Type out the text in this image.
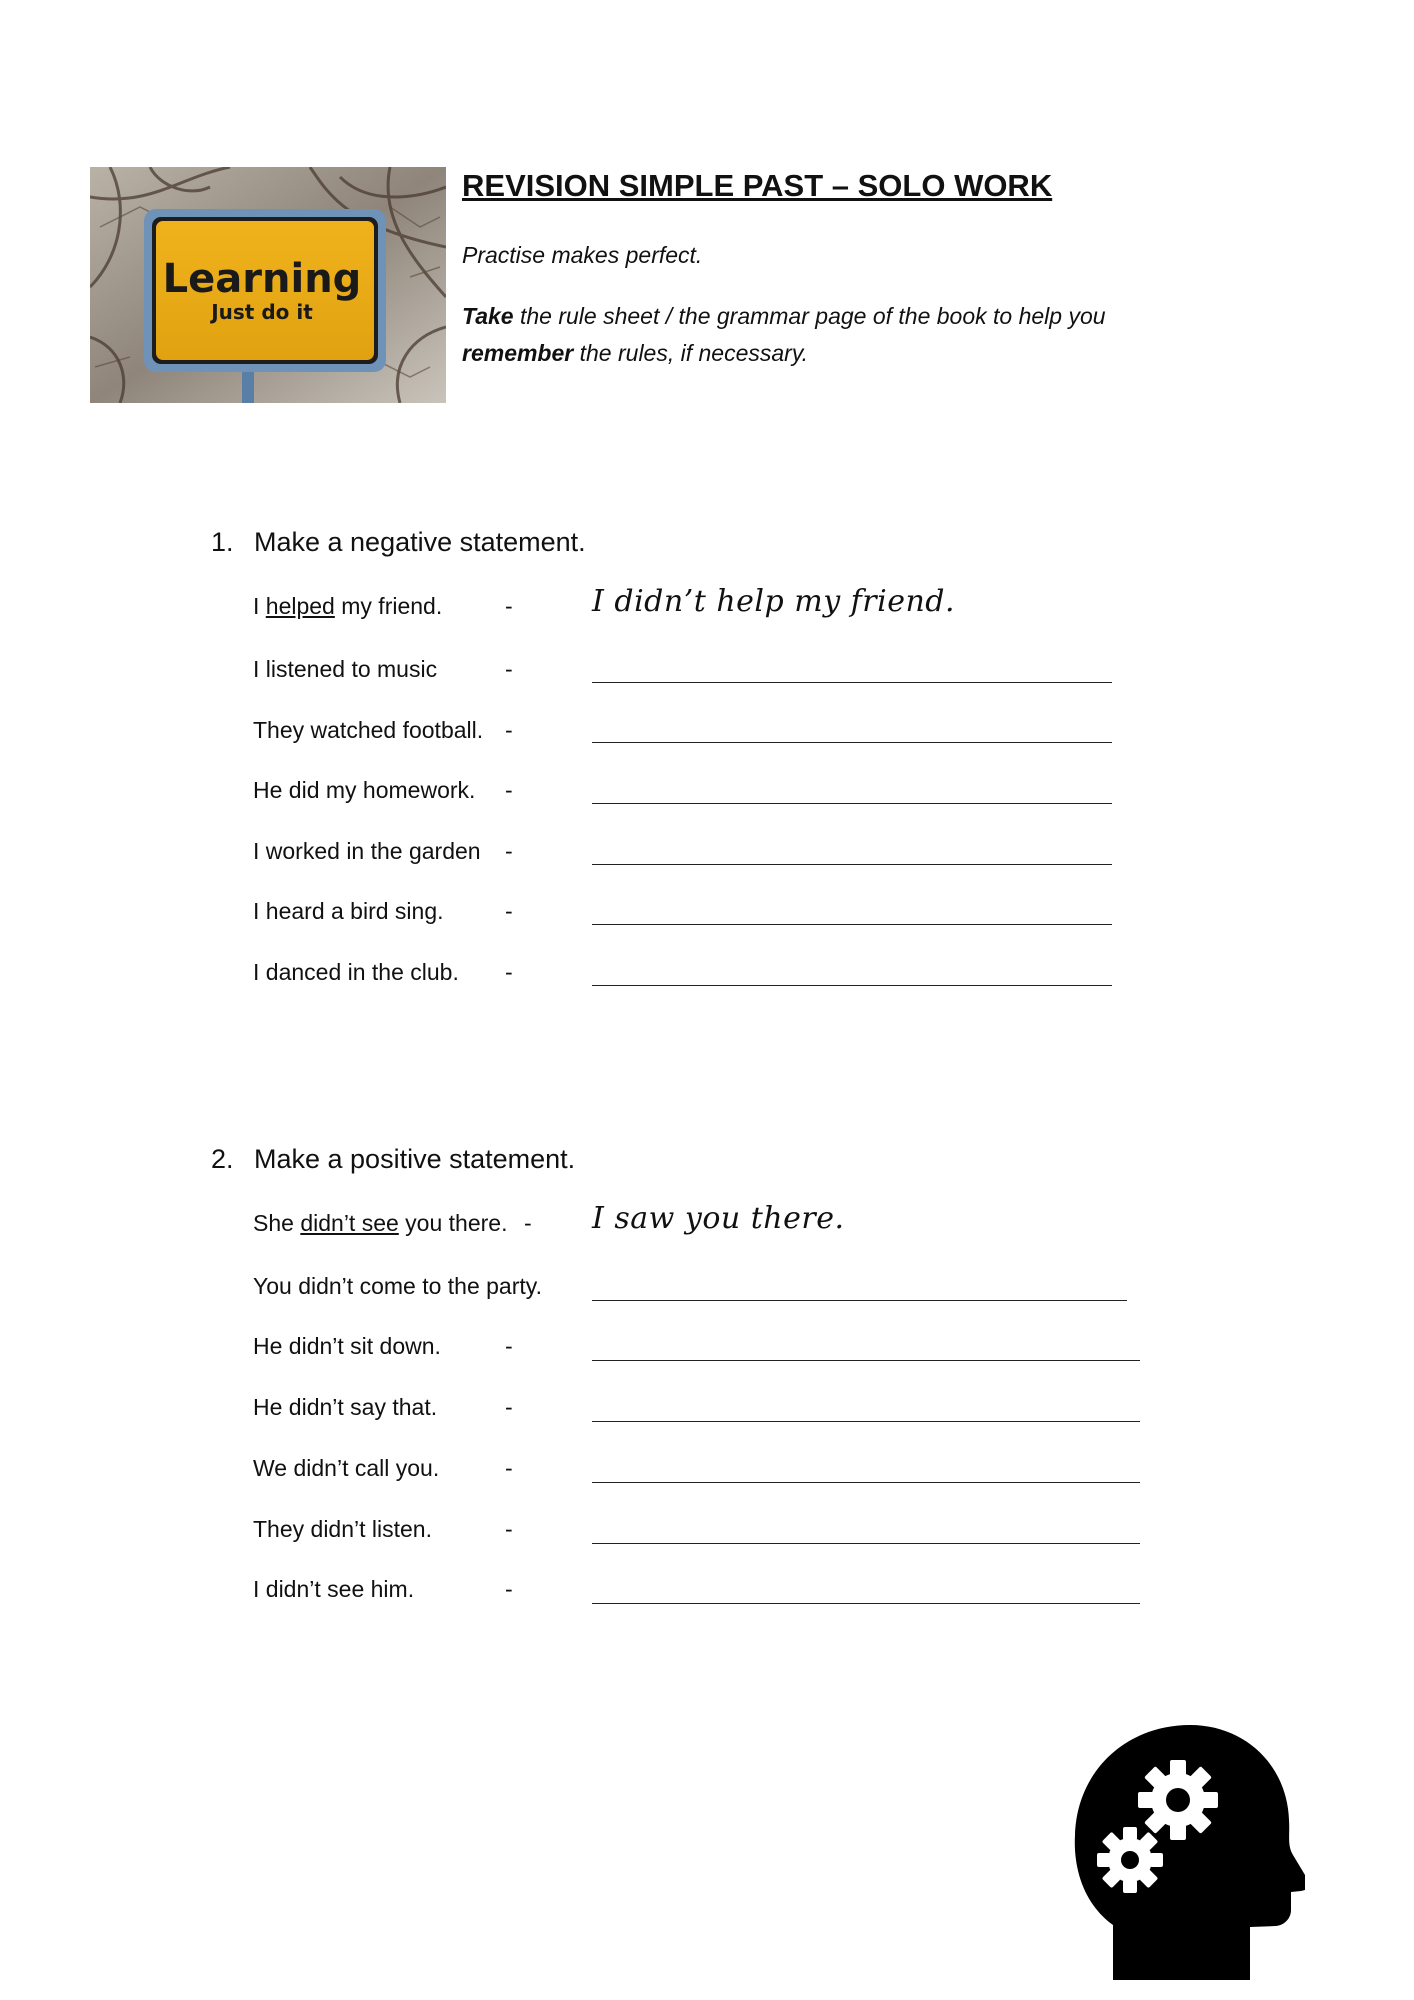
Learning
Just do it
REVISION SIMPLE PAST – SOLO WORK
Practise makes perfect.
Take the rule sheet / the grammar page of the book to help you
remember the rules, if necessary.
1. Make a negative statement.
I helped my friend.	-	I didn’t help my friend.
I listened to music	-
They watched football. -
He did my homework. -
I worked in the garden -
I heard a bird sing.	-
I danced in the club. -
2. Make a positive statement.
She didn’t see you there. - I saw you there.
You didn’t come to the party.
He didn’t sit down.	-
He didn’t say that.	-
We didn’t call you.	-
They didn’t listen.	-
I didn’t see him.	-
